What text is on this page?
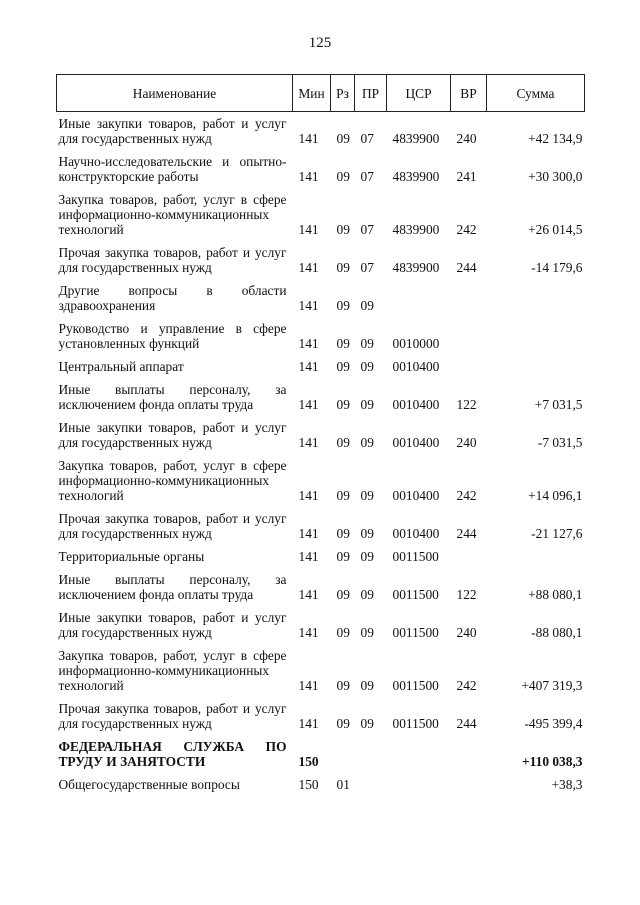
125
Наименование	Мин	Рз	ПР	ЦСР	ВР	Сумма
Иные закупки товаров, работ и услуг для государственных нужд	141	09	07	4839900	240	+42 134,9
Научно-исследовательские и опытно-конструкторские работы	141	09	07	4839900	241	+30 300,0
Закупка товаров, работ, услуг в сфере информационно-коммуникационных технологий	141	09	07	4839900	242	+26 014,5
Прочая закупка товаров, работ и услуг для государственных нужд	141	09	07	4839900	244	-14 179,6
Другие вопросы в области здравоохранения	141	09	09			
Руководство и управление в сфере установленных функций	141	09	09	0010000		
Центральный аппарат	141	09	09	0010400		
Иные выплаты персоналу, за исключением фонда оплаты труда	141	09	09	0010400	122	+7 031,5
Иные закупки товаров, работ и услуг для государственных нужд	141	09	09	0010400	240	-7 031,5
Закупка товаров, работ, услуг в сфере информационно-коммуникационных технологий	141	09	09	0010400	242	+14 096,1
Прочая закупка товаров, работ и услуг для государственных нужд	141	09	09	0010400	244	-21 127,6
Территориальные органы	141	09	09	0011500		
Иные выплаты персоналу, за исключением фонда оплаты труда	141	09	09	0011500	122	+88 080,1
Иные закупки товаров, работ и услуг для государственных нужд	141	09	09	0011500	240	-88 080,1
Закупка товаров, работ, услуг в сфере информационно-коммуникационных технологий	141	09	09	0011500	242	+407 319,3
Прочая закупка товаров, работ и услуг для государственных нужд	141	09	09	0011500	244	-495 399,4
ФЕДЕРАЛЬНАЯ СЛУЖБА ПО ТРУДУ И ЗАНЯТОСТИ	150					+110 038,3
Общегосударственные вопросы	150	01				+38,3
